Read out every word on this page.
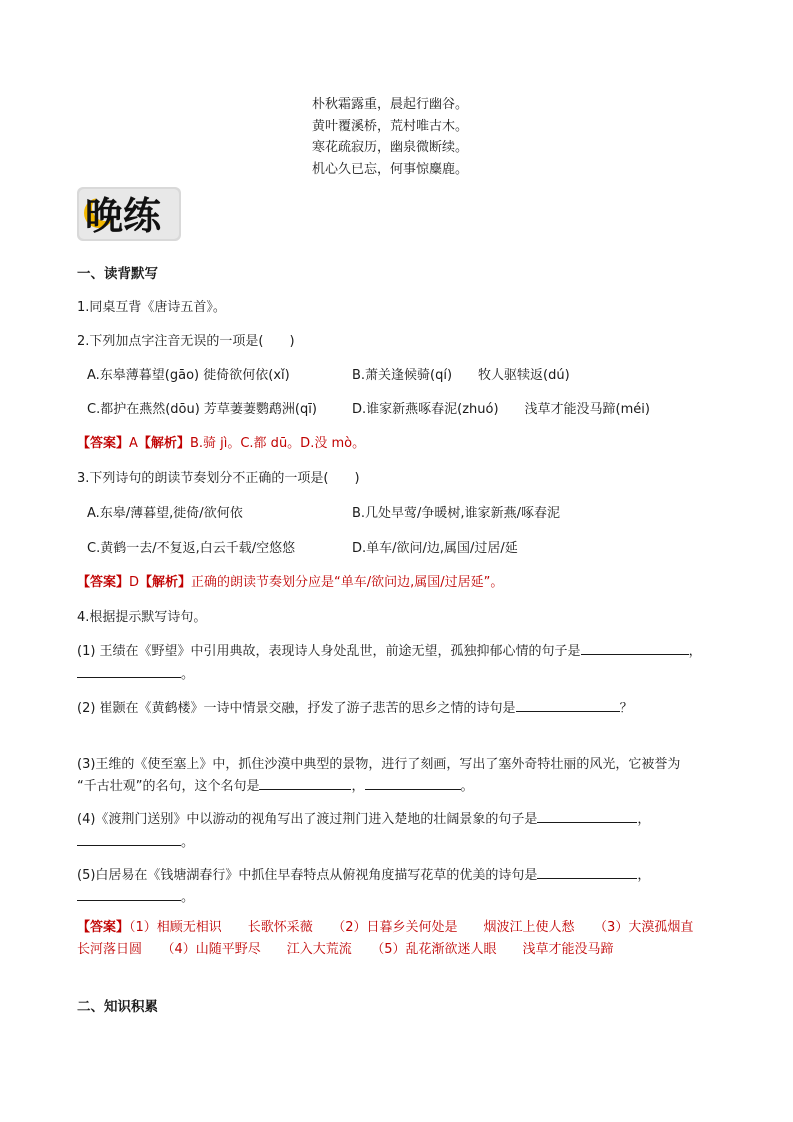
朴秋霜露重，晨起行幽谷。
黄叶覆溪桥，荒村唯古木。
寒花疏寂历，幽泉微断续。
机心久已忘，何事惊麋鹿。
晚练
一、读背默写
1.同桌互背《唐诗五首》。
2.下列加点字注音无误的一项是(　　)
A.东皋薄暮望(gāo) 徙倚欲何依(xǐ)	B.萧关逢候骑(qí)　　牧人驱犊返(dú)
C.都护在燕然(dōu) 芳草萋萋鹦鹉洲(qī)	D.谁家新燕啄春泥(zhuó)　　浅草才能没马蹄(méi)
【答案】A【解析】B.骑 jì。C.都 dū。D.没 mò。
3.下列诗句的朗读节奏划分不正确的一项是(　　)
A.东皋/薄暮望,徙倚/欲何依	B.几处早莺/争暖树,谁家新燕/啄春泥
C.黄鹤一去/不复返,白云千载/空悠悠	D.单车/欲问/边,属国/过居/延
【答案】D【解析】正确的朗读节奏划分应是“单车/欲问边,属国/过居延”。
4.根据提示默写诗句。
(1) 王绩在《野望》中引用典故，表现诗人身处乱世，前途无望，孤独抑郁心情的句子是	，
。
(2) 崔颢在《黄鹤楼》一诗中情景交融，抒发了游子悲苦的思乡之情的诗句是	？
(3)王维的《使至塞上》中，抓住沙漠中典型的景物，进行了刻画，写出了塞外奇特壮丽的风光，它被誉为
“千古壮观”的名句，这个名句是	，	。
(4)《渡荆门送别》中以游动的视角写出了渡过荆门进入楚地的壮阔景象的句子是	，
。
(5)白居易在《钱塘湖春行》中抓住早春特点从俯视角度描写花草的优美的诗句是	，
。
【答案】（1）相顾无相识　　长歌怀采薇　　（2）日暮乡关何处是　　烟波江上使人愁　　（3）大漠孤烟直　　长河落日圆　　（4）山随平野尽　　江入大荒流　　（5）乱花渐欲迷人眼　　浅草才能没马蹄
二、知识积累
